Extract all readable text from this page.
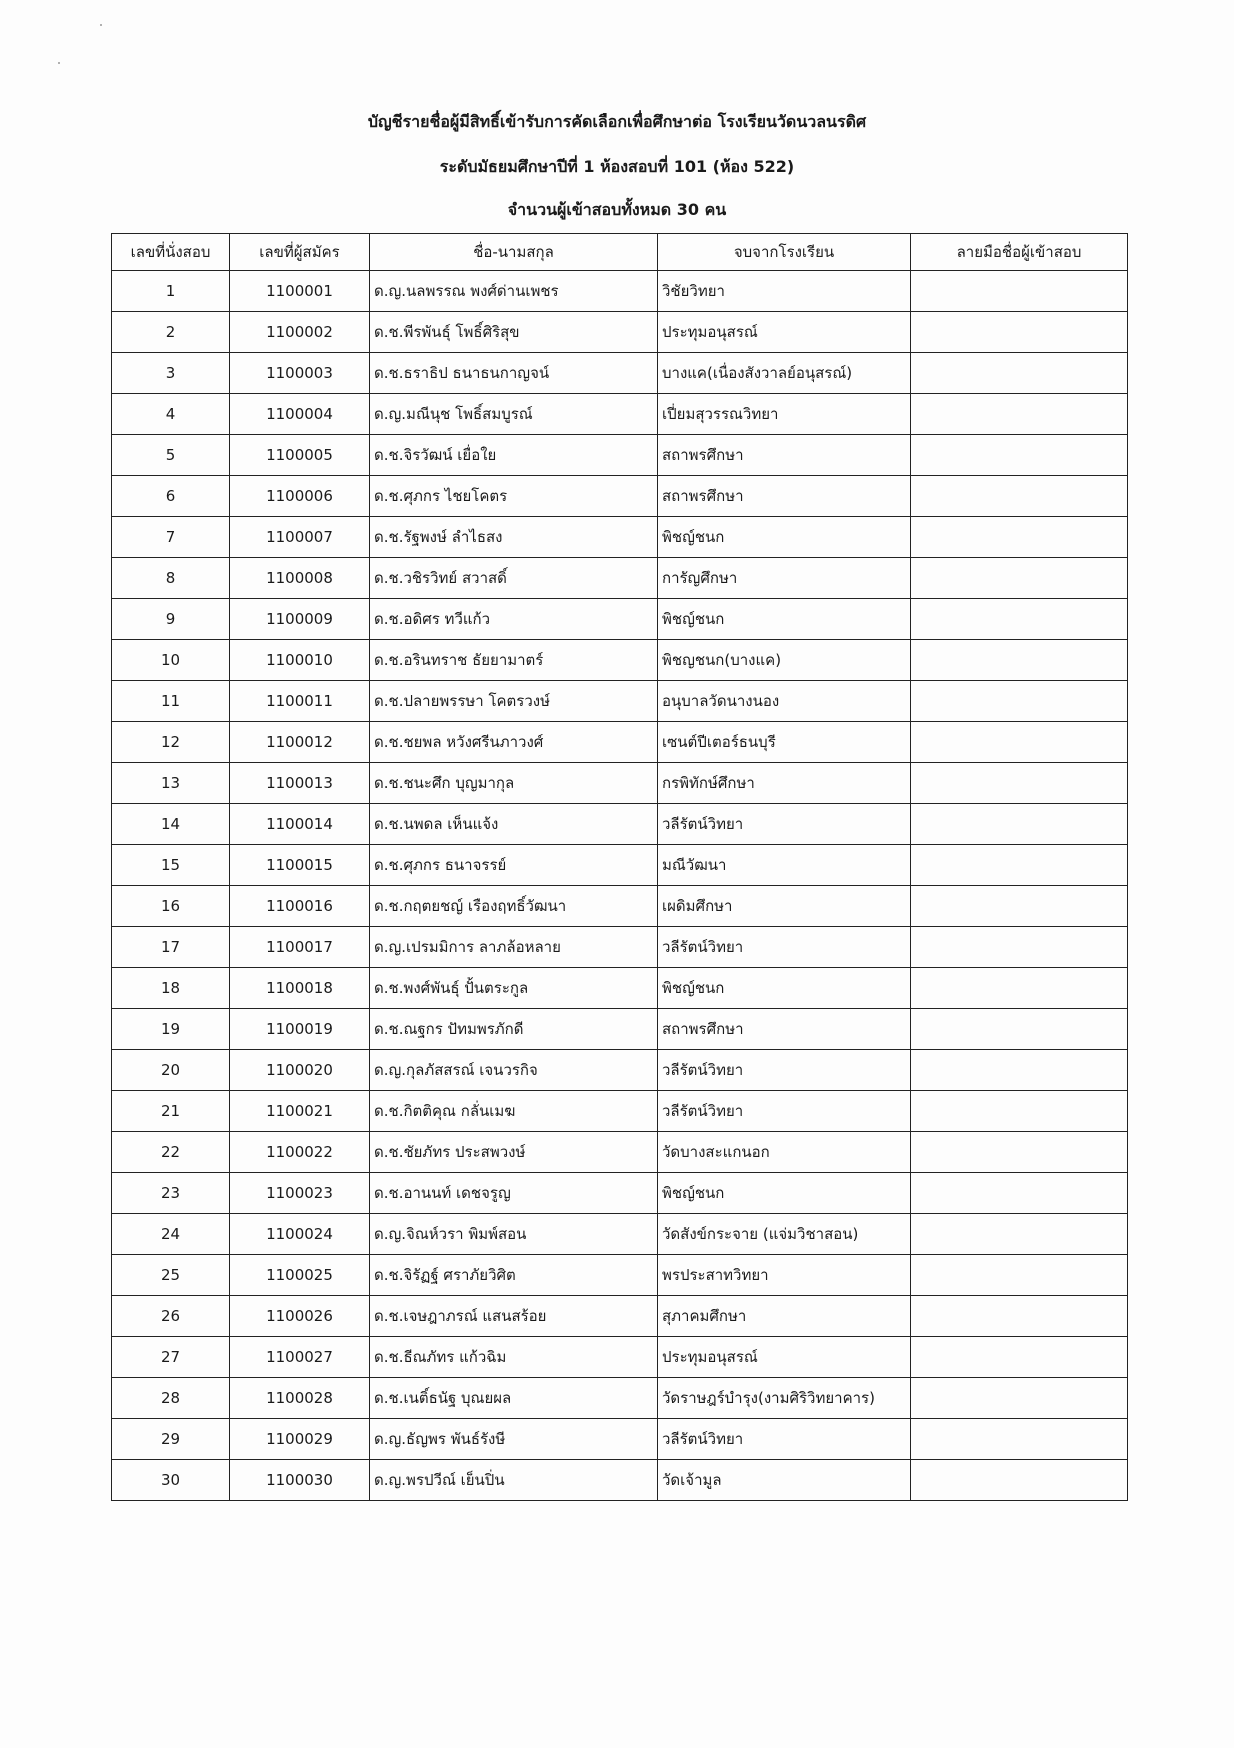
บัญชีรายชื่อผู้มีสิทธิ์เข้ารับการคัดเลือกเพื่อศึกษาต่อ โรงเรียนวัดนวลนรดิศ
ระดับมัธยมศึกษาปีที่ 1 ห้องสอบที่ 101 (ห้อง 522)
จำนวนผู้เข้าสอบทั้งหมด 30 คน
เลขที่นั่งสอบ	เลขที่ผู้สมัคร	ชื่อ-นามสกุล	จบจากโรงเรียน	ลายมือชื่อผู้เข้าสอบ
1	1100001	ด.ญ.นลพรรณ พงศ์ด่านเพชร	วิชัยวิทยา	
2	1100002	ด.ช.พีรพันธุ์ โพธิ์ศิริสุข	ประทุมอนุสรณ์	
3	1100003	ด.ช.ธราธิป ธนาธนกาญจน์	บางแค(เนื่องสังวาลย์อนุสรณ์)	
4	1100004	ด.ญ.มณีนุช โพธิ์สมบูรณ์	เปี่ยมสุวรรณวิทยา	
5	1100005	ด.ช.จิรวัฒน์ เยื่อใย	สถาพรศึกษา	
6	1100006	ด.ช.ศุภกร ไชยโคตร	สถาพรศึกษา	
7	1100007	ด.ช.รัฐพงษ์ ลำไธสง	พิชญ์ชนก	
8	1100008	ด.ช.วชิรวิทย์ สวาสดิ์	การัญศึกษา	
9	1100009	ด.ช.อดิศร ทวีแก้ว	พิชญ์ชนก	
10	1100010	ด.ช.อรินทราช ธัยยามาตร์	พิชญชนก(บางแค)	
11	1100011	ด.ช.ปลายพรรษา โคตรวงษ์	อนุบาลวัดนางนอง	
12	1100012	ด.ช.ชยพล หวังศรีนภาวงศ์	เซนต์ปีเตอร์ธนบุรี	
13	1100013	ด.ช.ชนะศึก บุญมากุล	กรพิทักษ์ศึกษา	
14	1100014	ด.ช.นพดล เห็นแจ้ง	วลีรัตน์วิทยา	
15	1100015	ด.ช.ศุภกร ธนาจรรย์	มณีวัฒนา	
16	1100016	ด.ช.กฤตยชญ์ เรืองฤทธิ์วัฒนา	เผดิมศึกษา	
17	1100017	ด.ญ.เปรมมิการ ลาภล้อหลาย	วลีรัตน์วิทยา	
18	1100018	ด.ช.พงศ์พันธุ์ ปั้นตระกูล	พิชญ์ชนก	
19	1100019	ด.ช.ณฐกร ปัทมพรภักดี	สถาพรศึกษา	
20	1100020	ด.ญ.กุลภัสสรณ์ เจนวรกิจ	วลีรัตน์วิทยา	
21	1100021	ด.ช.กิตติคุณ กลั่นเมฆ	วลีรัตน์วิทยา	
22	1100022	ด.ช.ชัยภัทร ประสพวงษ์	วัดบางสะแกนอก	
23	1100023	ด.ช.อานนท์ เดชจรูญ	พิชญ์ชนก	
24	1100024	ด.ญ.จิณห์วรา พิมพ์สอน	วัดสังข์กระจาย (แจ่มวิชาสอน)	
25	1100025	ด.ช.จิรัฏฐ์ ศราภัยวิศิต	พรประสาทวิทยา	
26	1100026	ด.ช.เจษฎาภรณ์ แสนสร้อย	สุภาคมศึกษา	
27	1100027	ด.ช.ธีณภัทร แก้วฉิม	ประทุมอนุสรณ์	
28	1100028	ด.ช.เนติ์ธนัฐ บุณยผล	วัดราษฎร์บำรุง(งามศิริวิทยาคาร)	
29	1100029	ด.ญ.ธัญพร พันธ์รังษี	วลีรัตน์วิทยา	
30	1100030	ด.ญ.พรปวีณ์ เย็นปิ่น	วัดเจ้ามูล	
